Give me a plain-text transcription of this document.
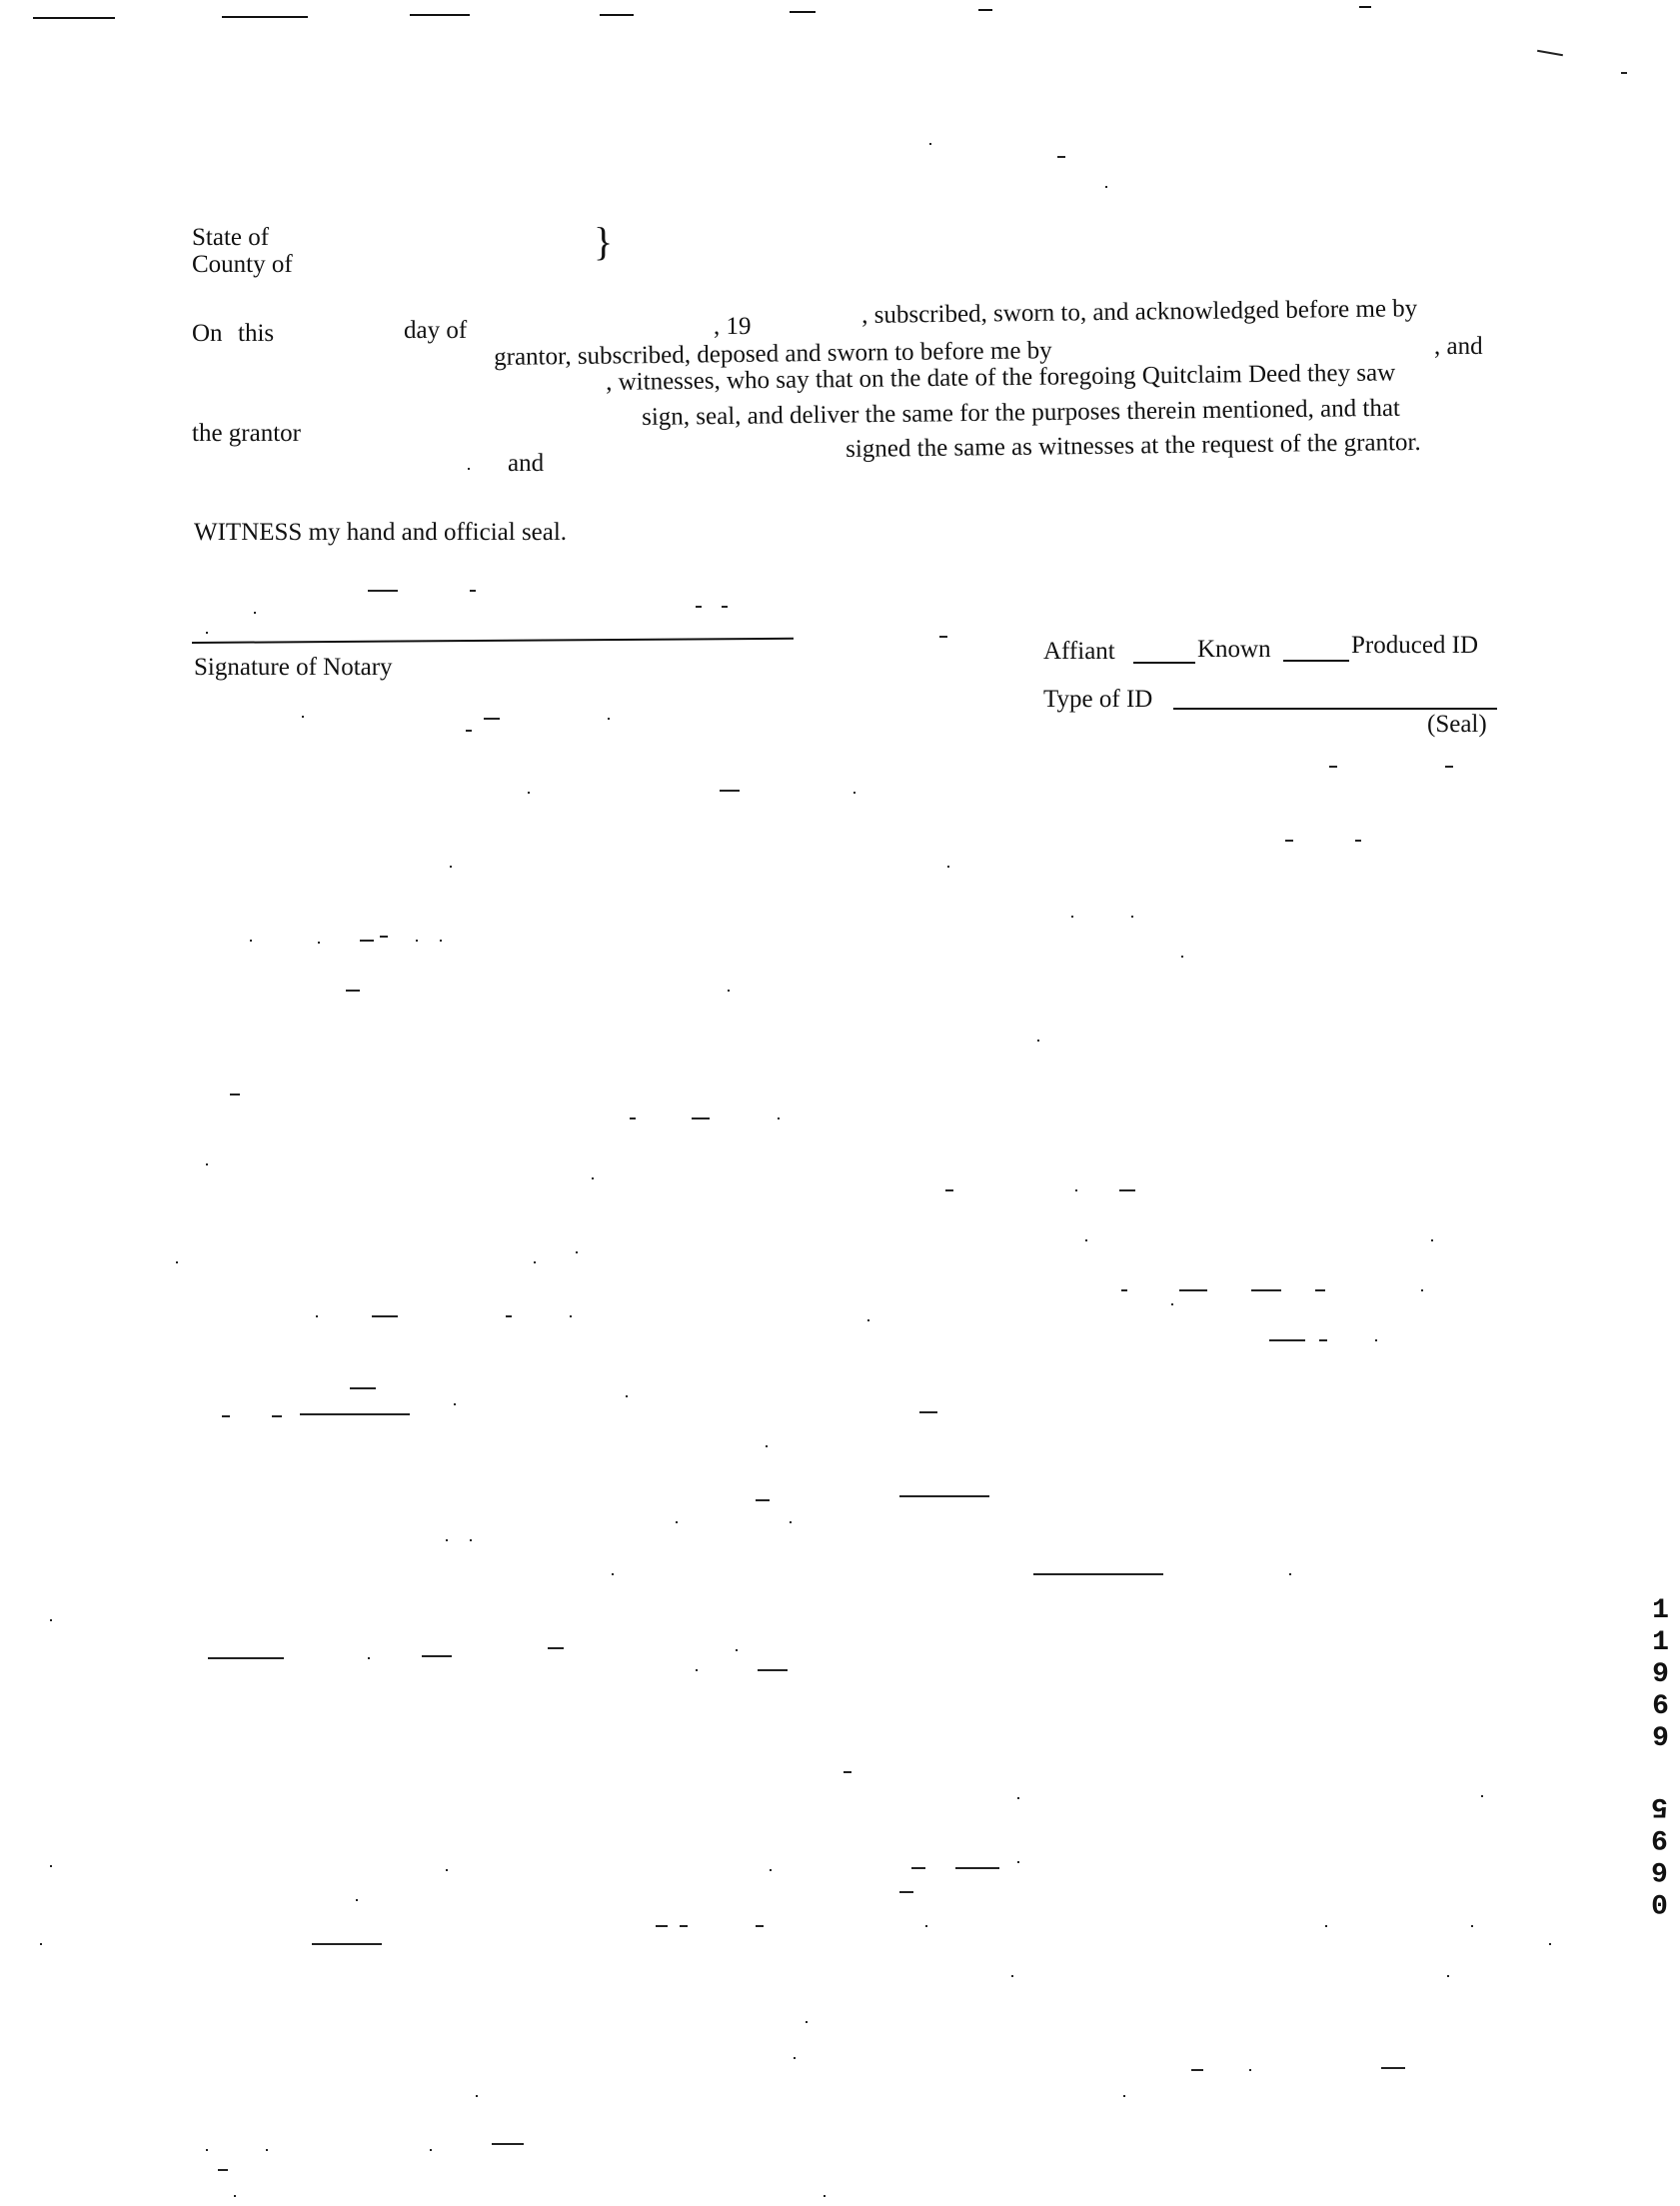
State of
County of
}
On this	day of	, 19	, subscribed, sworn to, and acknowledged before me by
grantor, subscribed, deposed and sworn to before me by	, and
, witnesses, who say that on the date of the foregoing Quitclaim Deed they saw
the grantor
sign, seal, and deliver the same for the purposes therein mentioned, and that
and
signed the same as witnesses at the request of the grantor.
WITNESS my hand and official seal.
Signature of Notary
Affiant	Known	Produced ID
Type of ID
(Seal)
11969
0695
